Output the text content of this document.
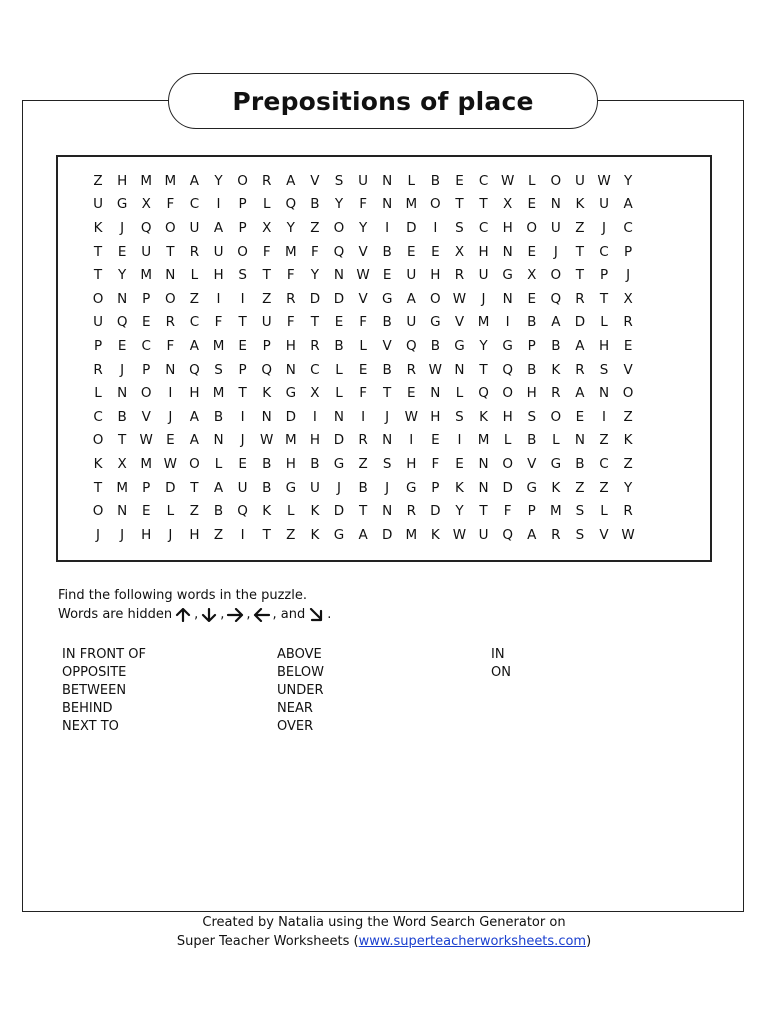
Prepositions of place
Z	H M M	A	Y	O	R	A	V	S	U	N	L	B	E	C W	L	O	U W Y
U	G	X	F	C	I	P	L	Q	B	Y	F	N M O	T	T	X	E	N	K	U	A
K	J	Q O	U	A	P	X	Y	Z	O	Y	I	D	I	S	C	H	O	U	Z	J	C
T	E	U	T	R	U	O	F	M	F	Q	V	B	E	E	X	H	N	E	J	T	C	P
T	Y	M N	L	H	S	T	F	Y	N W E	U	H	R	U	G	X	O	T	P	J
O	N	P	O	Z	I	I	Z	R	D	D	V	G	A	O W	J	N	E	Q	R	T	X
U	Q	E	R	C	F	T	U	F	T	E	F	B	U	G	V	M	I	B	A	D	L	R
P	E	C	F	A	M	E	P	H	R	B	L	V	Q	B	G	Y	G	P	B	A	H	E
R	J	P	N	Q	S	P	Q	N	C	L	E	B	R W N	T	Q	B	K	R	S	V
L	N	O	I	H M	T	K	G	X	L	F	T	E	N	L	Q O	H	R	A	N	O
C	B	V	J	A	B	I	N	D	I	N	I	J	W H	S	K	H	S	O	E	I	Z
O	T W E	A	N	J	W M H	D	R	N	I	E	I	M	L	B	L	N	Z	K
K	X	M W O	L	E	B	H	B	G	Z	S	H	F	E	N	O	V	G	B	C	Z
T	M	P	D	T	A	U	B	G	U	J	B	J	G	P	K	N	D	G	K	Z	Z	Y
O	N	E	L	Z	B	Q	K	L	K	D	T	N	R	D	Y	T	F	P	M	S	L	R
J	J	H	J	H	Z	I	T	Z	K	G	A	D M	K W U	Q	A	R	S	V W
Find the following words in the puzzle.
Words are hidden , , , , and .
IN FRONT OF
OPPOSITE
BETWEEN
BEHIND
NEXT TO
ABOVE
BELOW
UNDER
NEAR
OVER
IN
ON
Created by Natalia using the Word Search Generator on
Super Teacher Worksheets (www.superteacherworksheets.com)
